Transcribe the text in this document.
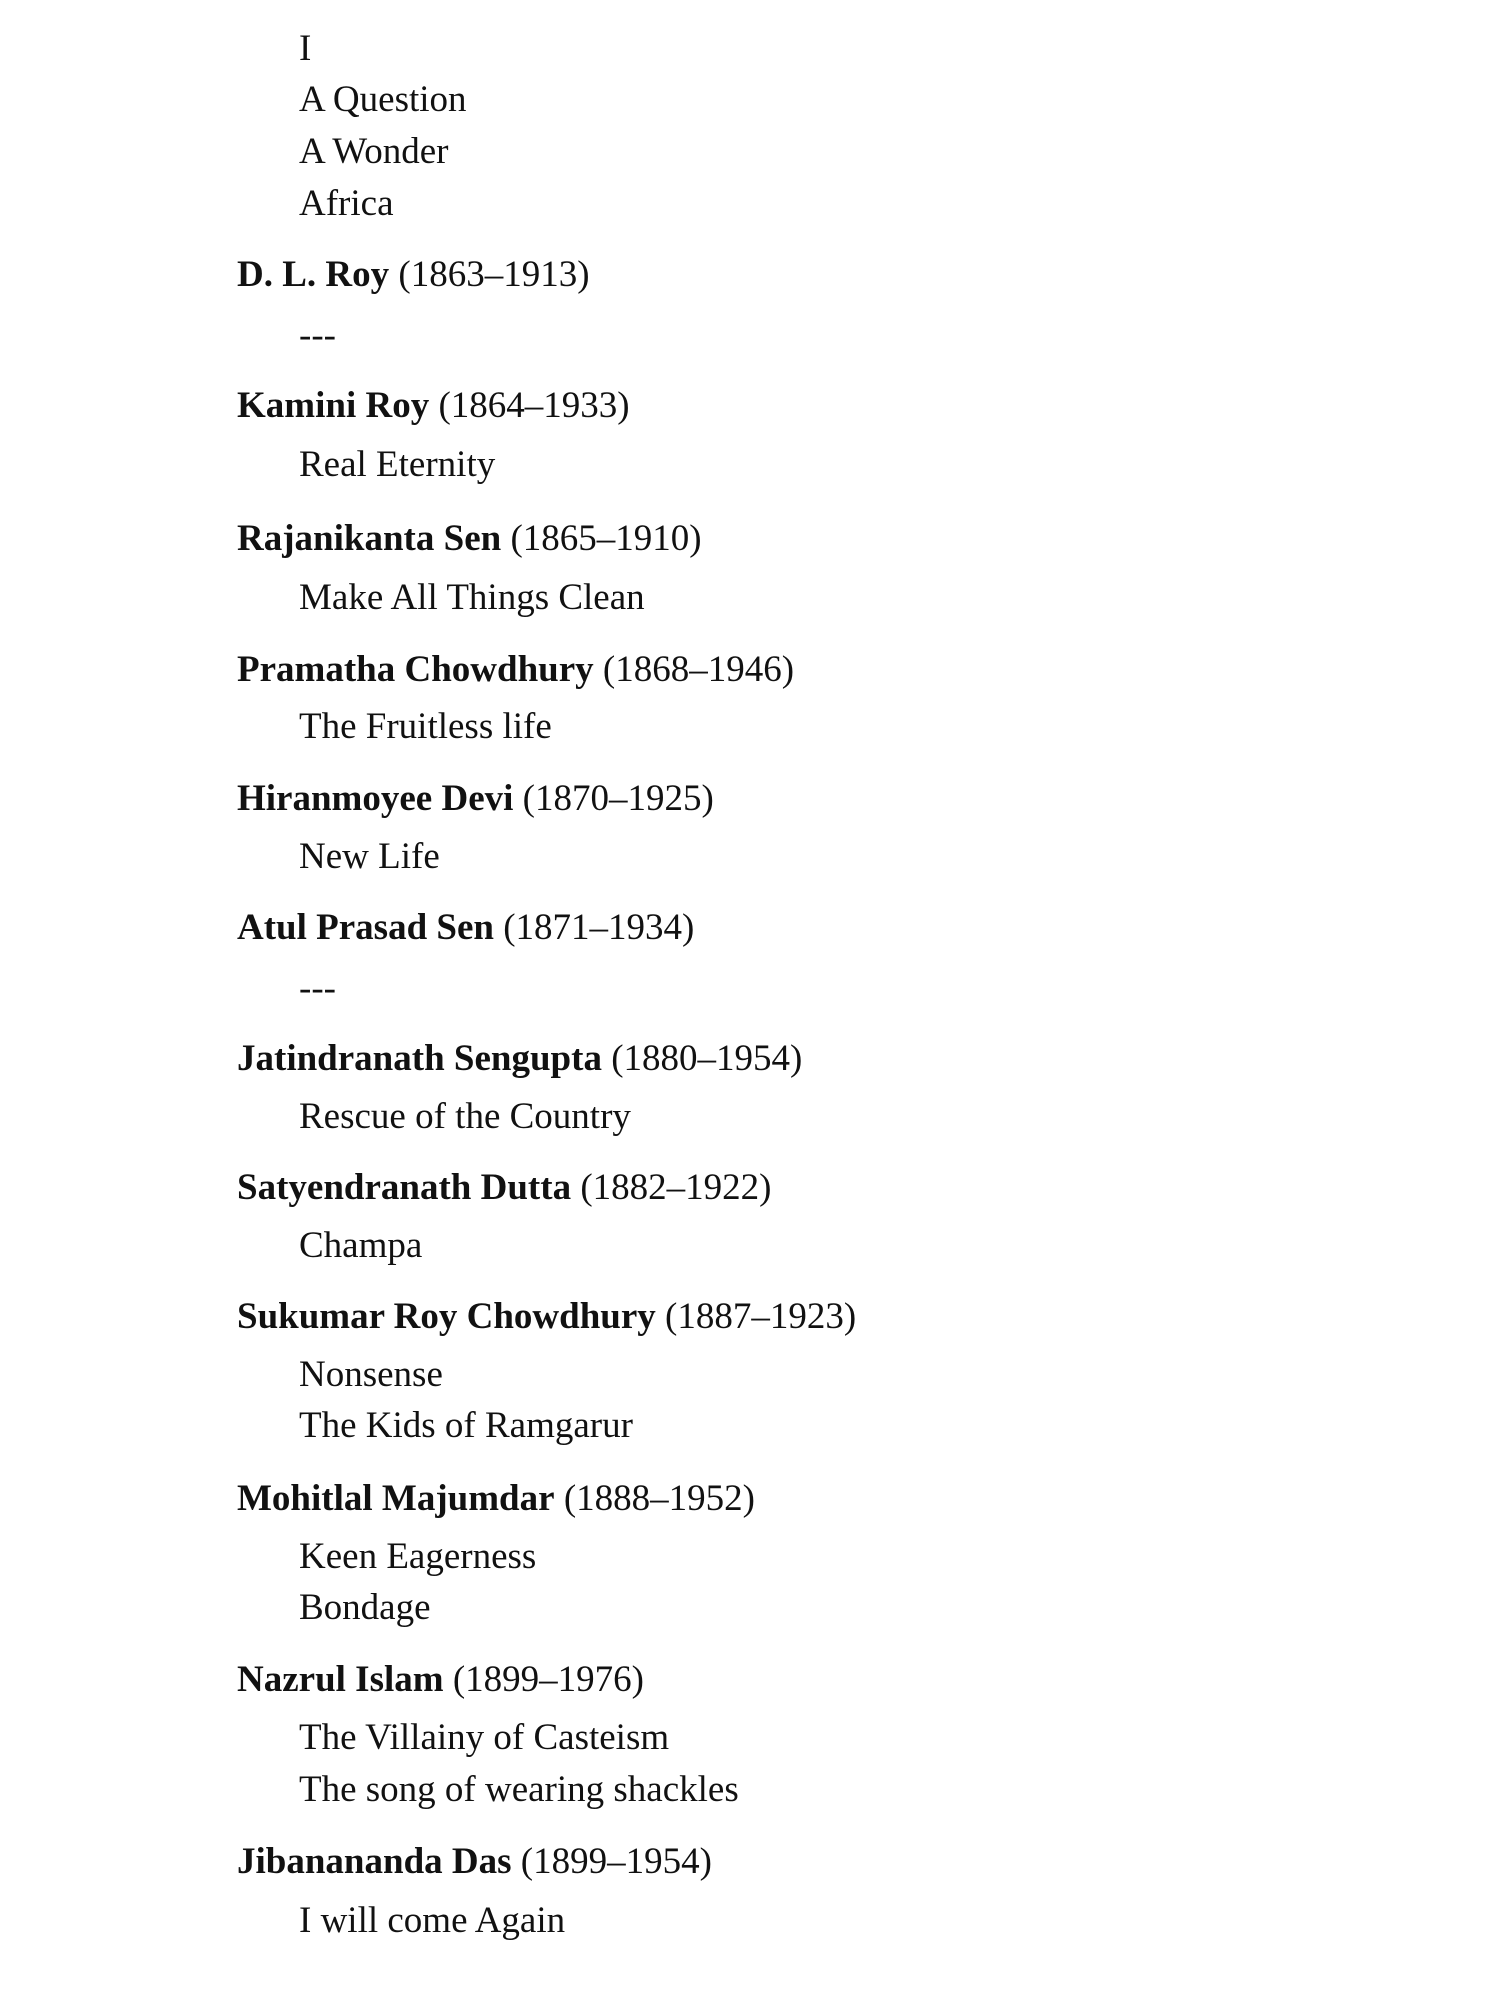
I
A Question
A Wonder
Africa
D. L. Roy (1863–1913)
---
Kamini Roy (1864–1933)
Real Eternity
Rajanikanta Sen (1865–1910)
Make All Things Clean
Pramatha Chowdhury (1868–1946)
The Fruitless life
Hiranmoyee Devi (1870–1925)
New Life
Atul Prasad Sen (1871–1934)
---
Jatindranath Sengupta (1880–1954)
Rescue of the Country
Satyendranath Dutta (1882–1922)
Champa
Sukumar Roy Chowdhury (1887–1923)
Nonsense
The Kids of Ramgarur
Mohitlal Majumdar (1888–1952)
Keen Eagerness
Bondage
Nazrul Islam (1899–1976)
The Villainy of Casteism
The song of wearing shackles
Jibanananda Das (1899–1954)
I will come Again
